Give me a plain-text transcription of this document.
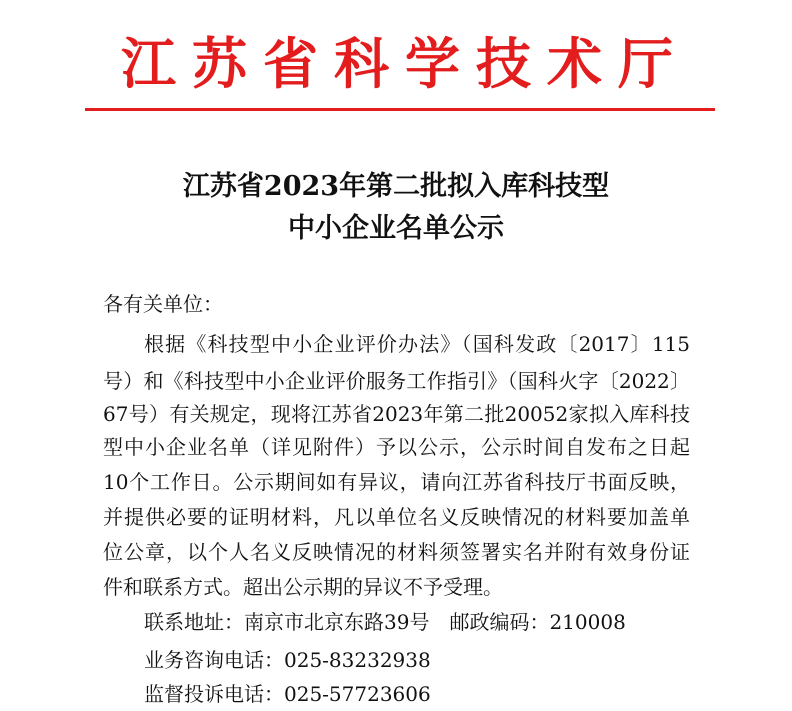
江苏省科学技术厅
江苏省2023年第二批拟入库科技型
中小企业名单公示
各有关单位：
根据《科技型中小企业评价办法》（国科发政〔2017〕115
号）和《科技型中小企业评价服务工作指引》（国科火字〔2022〕
67号）有关规定，现将江苏省2023年第二批20052家拟入库科技
型中小企业名单（详见附件）予以公示，公示时间自发布之日起
10个工作日。公示期间如有异议，请向江苏省科技厅书面反映，
并提供必要的证明材料，凡以单位名义反映情况的材料要加盖单
位公章，以个人名义反映情况的材料须签署实名并附有效身份证
件和联系方式。超出公示期的异议不予受理。
联系地址：南京市北京东路39号　邮政编码：210008
业务咨询电话：025-83232938
监督投诉电话：025-57723606
